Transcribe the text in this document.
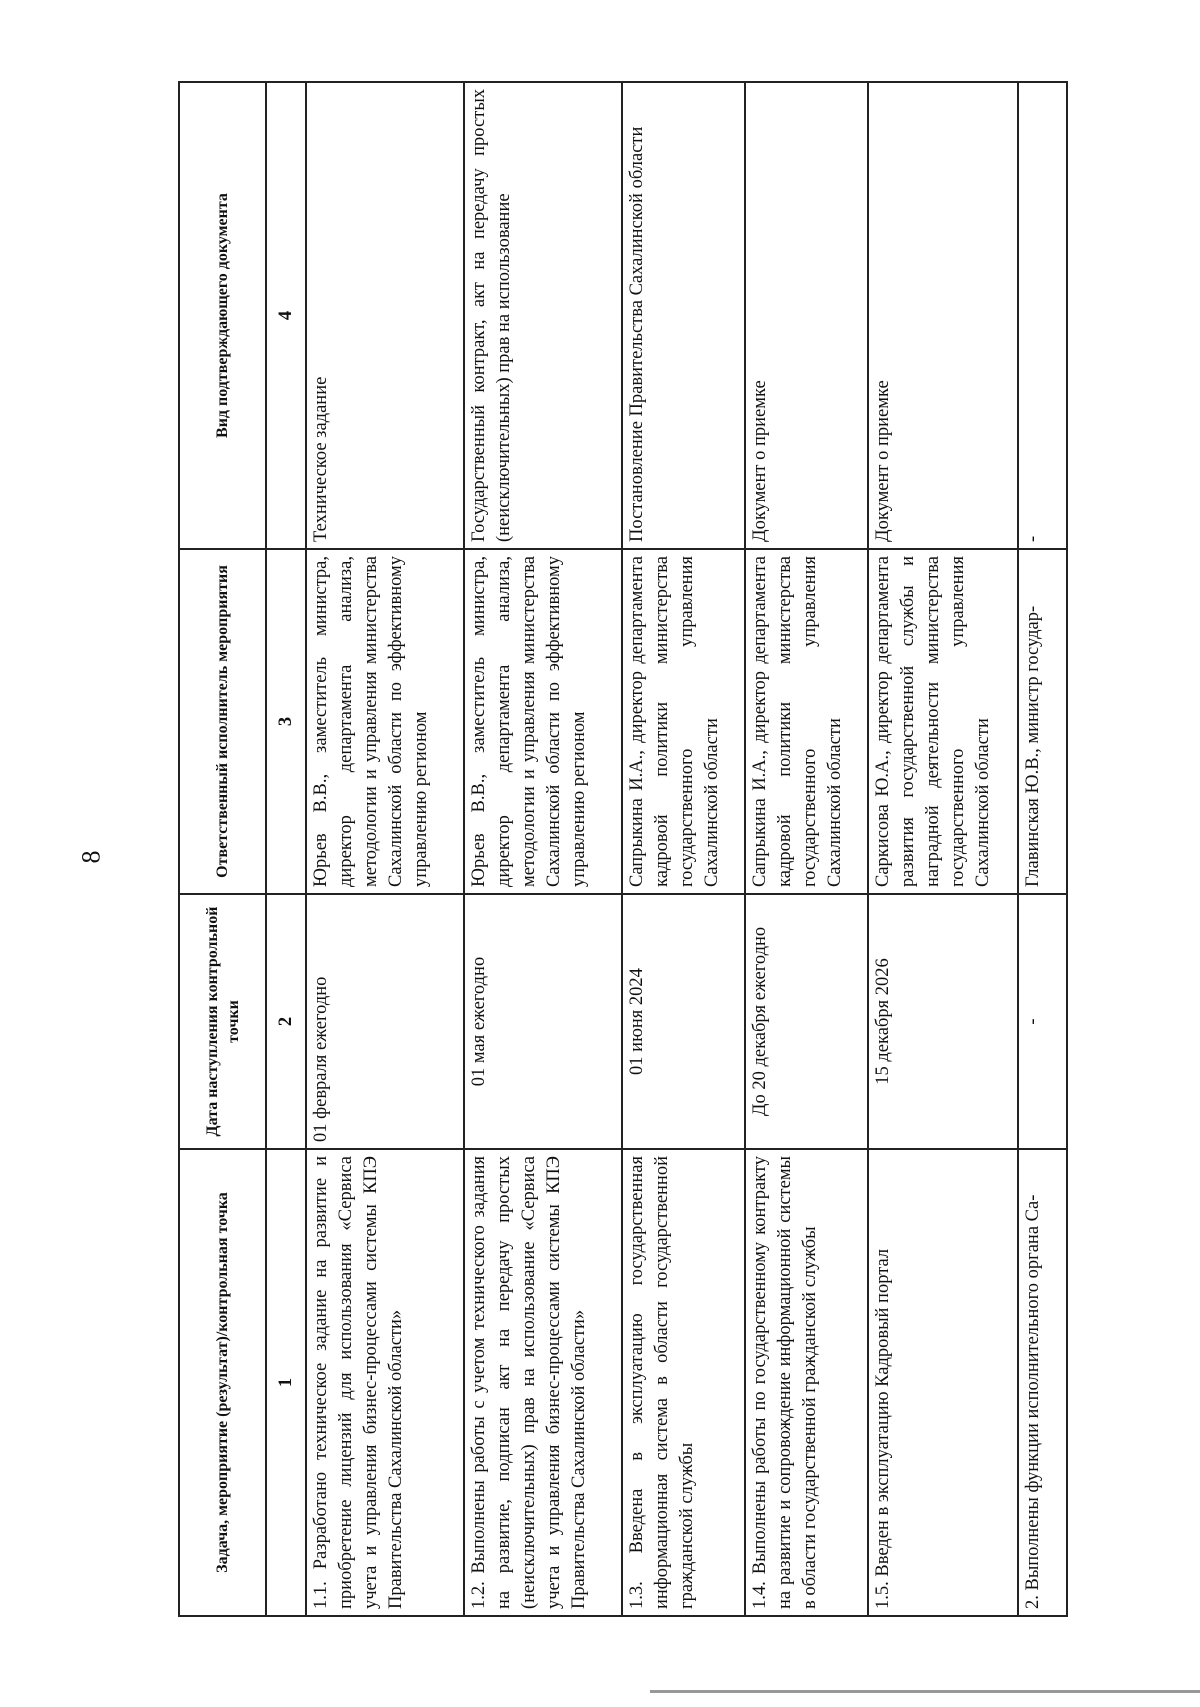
8
Задача, мероприятие (результат)/контрольная точка	Дата наступления контрольной точки	Ответственный исполнитель мероприятия	Вид подтверждающего документа
1	2	3	4
1.1. Разработано техническое задание на развитие и приобретение лицензий для использования «Сервиса учета и управления бизнес-процессами системы КПЭ Правительства Сахалинской области»	01 февраля ежегодно	Юрьев В.В., заместитель министра, директор департамента анализа, методологии и управления министерства Сахалинской области по эффективному управлению регионом	Техническое задание
1.2. Выполнены работы с учетом технического задания на развитие, подписан акт на передачу простых (неисключительных) прав на использование «Сервиса учета и управления бизнес-процессами системы КПЭ Правительства Сахалинской области»	01 мая ежегодно	Юрьев В.В., заместитель министра, директор департамента анализа, методологии и управления министерства Сахалинской области по эффективному управлению регионом	Государственный контракт, акт на передачу простых (неисключительных) прав на использование
1.3. Введена в эксплуатацию государственная информационная система в области государственной гражданской службы	01 июня 2024	Сапрыкина И.А., директор департамента кадровой политики министерства государственного управления Сахалинской области	Постановление Правительства Сахалинской области
1.4. Выполнены работы по государственному контракту на развитие и сопровождение информационной системы в области государственной гражданской службы	До 20 декабря ежегодно	Сапрыкина И.А., директор департамента кадровой политики министерства государственного управления Сахалинской области	Документ о приемке
1.5. Введен в эксплуатацию Кадровый портал	15 декабря 2026	Саркисова Ю.А., директор департамента развития государственной службы и наградной деятельности министерства государственного управления Сахалинской области	Документ о приемке
2. Выполнены функции исполнительного органа Са-	-	Главинская Ю.В., министр государ-	-
